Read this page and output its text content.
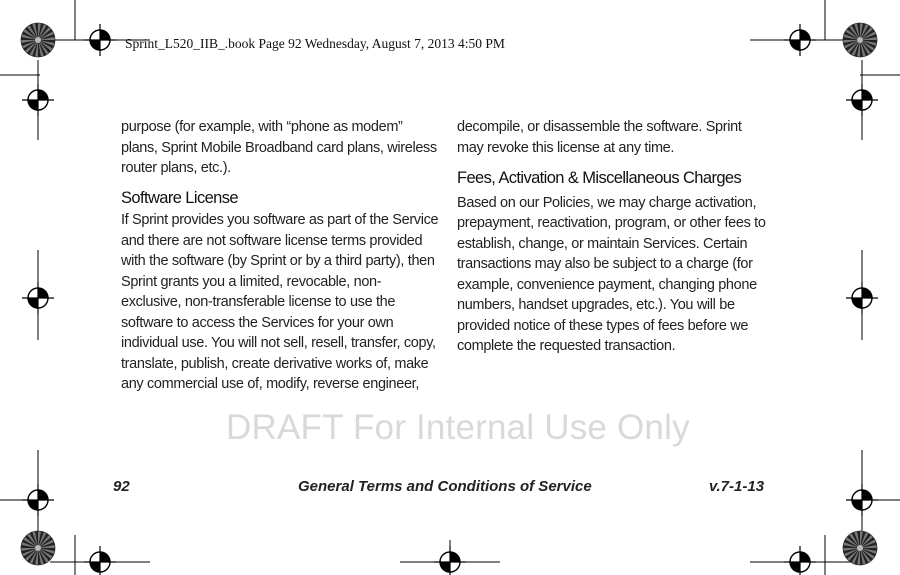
Sprint_L520_IIB_.book Page 92 Wednesday, August 7, 2013 4:50 PM

purpose (for example, with “phone as modem” plans, Sprint Mobile Broadband card plans, wireless router plans, etc.).

Software License

If Sprint provides you software as part of the Service and there are not software license terms provided with the software (by Sprint or by a third party), then Sprint grants you a limited, revocable, non-exclusive, non-transferable license to use the software to access the Services for your own individual use. You will not sell, resell, transfer, copy, translate, publish, create derivative works of, make any commercial use of, modify, reverse engineer,

decompile, or disassemble the software. Sprint may revoke this license at any time.

Fees, Activation & Miscellaneous Charges

Based on our Policies, we may charge activation, prepayment, reactivation, program, or other fees to establish, change, or maintain Services. Certain transactions may also be subject to a charge (for example, convenience payment, changing phone numbers, handset upgrades, etc.). You will be provided notice of these types of fees before we complete the requested transaction.

DRAFT For Internal Use Only
92	General Terms and Conditions of Service	v.7-1-13
